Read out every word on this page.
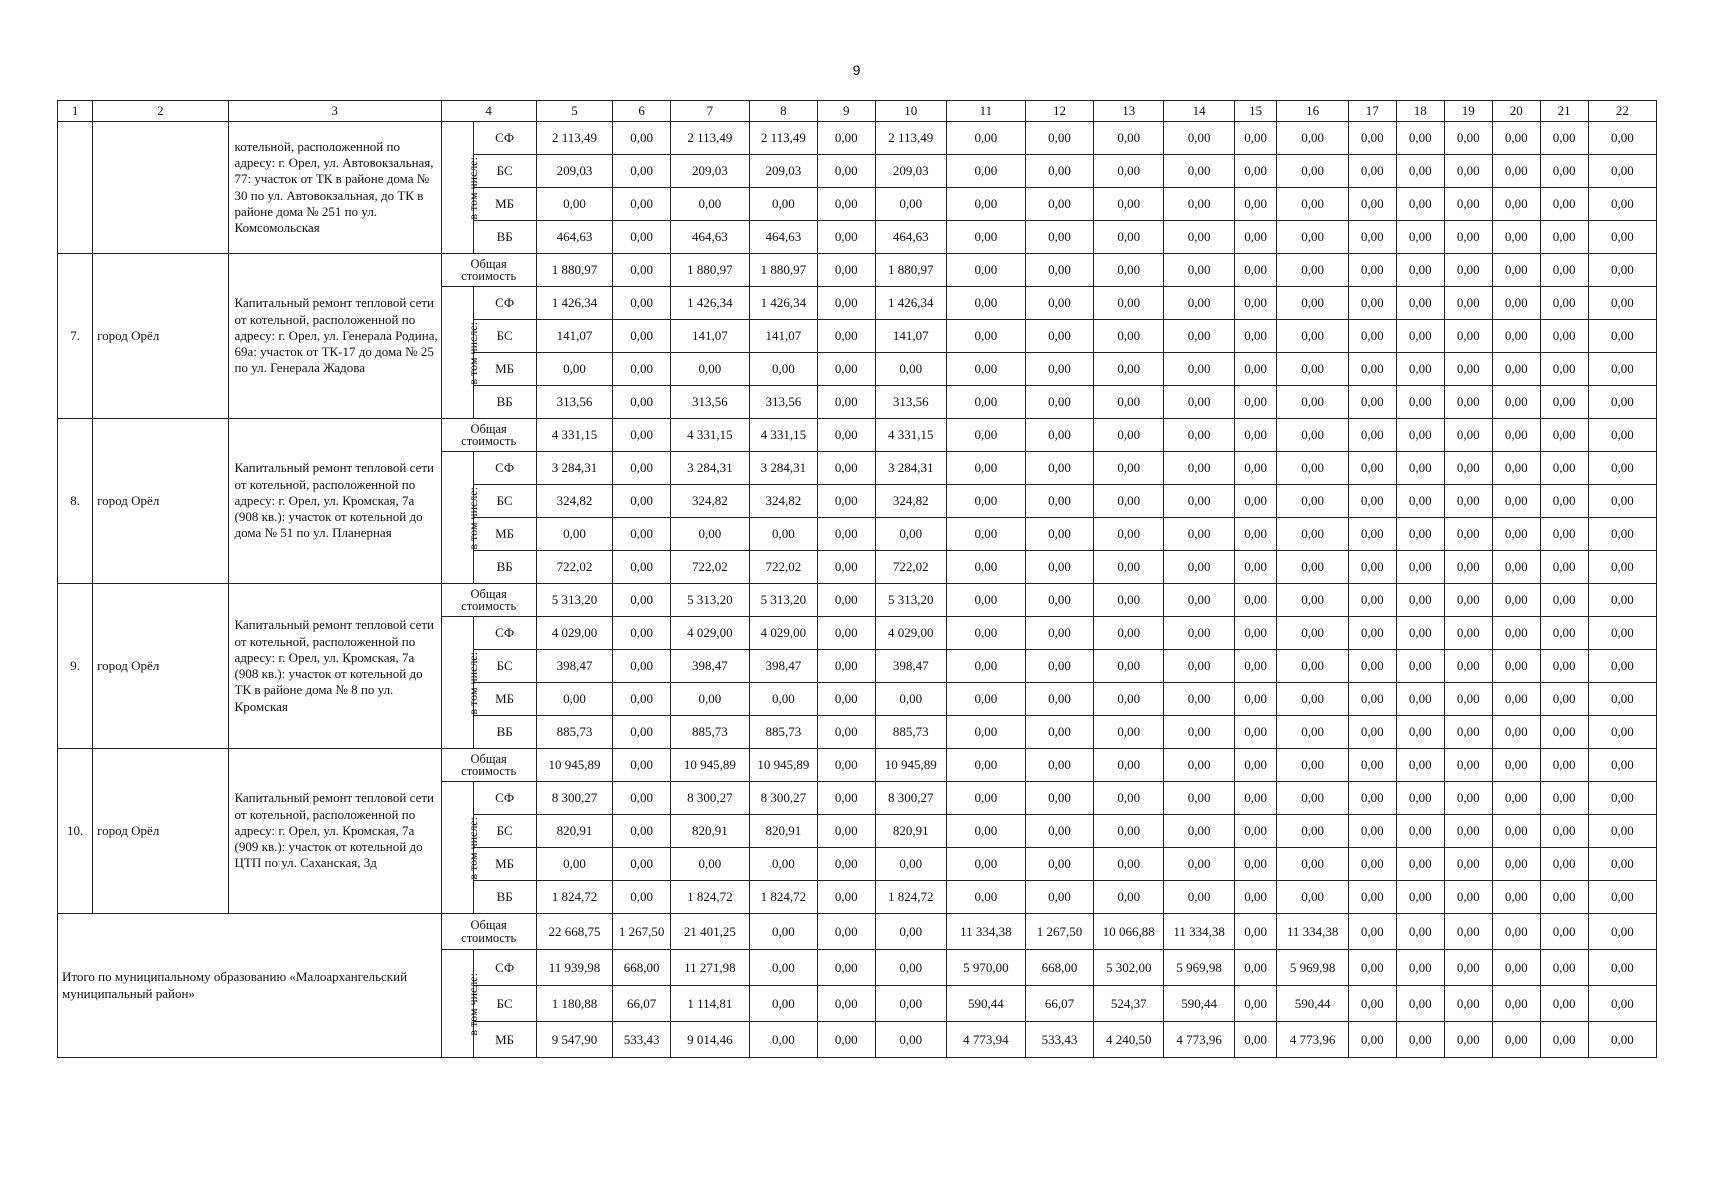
9
1	2	3	4		5	6	7	8	9	10	11	12	13	14	15	16	17	18	19	20	21	22
		котельной, расположенной по адресу: г. Орел, ул. Автовокзальная, 77: участок от ТК в районе дома № 30 по ул. Автовокзальная, до ТК в районе дома № 251 по ул. Комсомольская	в том числе:	СФ	2 113,49	0,00	2 113,49	2 113,49	0,00	2 113,49	0,00	0,00	0,00	0,00	0,00	0,00	0,00	0,00	0,00	0,00	0,00	0,00
				БС	209,03	0,00	209,03	209,03	0,00	209,03	0,00	0,00	0,00	0,00	0,00	0,00	0,00	0,00	0,00	0,00	0,00	0,00
				МБ	0,00	0,00	0,00	0,00	0,00	0,00	0,00	0,00	0,00	0,00	0,00	0,00	0,00	0,00	0,00	0,00	0,00	0,00
				ВБ	464,63	0,00	464,63	464,63	0,00	464,63	0,00	0,00	0,00	0,00	0,00	0,00	0,00	0,00	0,00	0,00	0,00	0,00
7.	город Орёл	Капитальный ремонт тепловой сети от котельной, расположенной по адресу: г. Орел, ул. Генерала Родина, 69а: участок от ТК-17 до дома № 25 по ул. Генерала Жадова	Общая стоимость		1 880,97	0,00	1 880,97	1 880,97	0,00	1 880,97	0,00	0,00	0,00	0,00	0,00	0,00	0,00	0,00	0,00	0,00	0,00	0,00
			в том числе:	СФ	1 426,34	0,00	1 426,34	1 426,34	0,00	1 426,34	0,00	0,00	0,00	0,00	0,00	0,00	0,00	0,00	0,00	0,00	0,00	0,00
				БС	141,07	0,00	141,07	141,07	0,00	141,07	0,00	0,00	0,00	0,00	0,00	0,00	0,00	0,00	0,00	0,00	0,00	0,00
				МБ	0,00	0,00	0,00	0,00	0,00	0,00	0,00	0,00	0,00	0,00	0,00	0,00	0,00	0,00	0,00	0,00	0,00	0,00
				ВБ	313,56	0,00	313,56	313,56	0,00	313,56	0,00	0,00	0,00	0,00	0,00	0,00	0,00	0,00	0,00	0,00	0,00	0,00
8.	город Орёл	Капитальный ремонт тепловой сети от котельной, расположенной по адресу: г. Орел, ул. Кромская, 7а (908 кв.): участок от котельной до дома № 51 по ул. Планерная	Общая стоимость		4 331,15	0,00	4 331,15	4 331,15	0,00	4 331,15	0,00	0,00	0,00	0,00	0,00	0,00	0,00	0,00	0,00	0,00	0,00	0,00
			в том числе:	СФ	3 284,31	0,00	3 284,31	3 284,31	0,00	3 284,31	0,00	0,00	0,00	0,00	0,00	0,00	0,00	0,00	0,00	0,00	0,00	0,00
				БС	324,82	0,00	324,82	324,82	0,00	324,82	0,00	0,00	0,00	0,00	0,00	0,00	0,00	0,00	0,00	0,00	0,00	0,00
				МБ	0,00	0,00	0,00	0,00	0,00	0,00	0,00	0,00	0,00	0,00	0,00	0,00	0,00	0,00	0,00	0,00	0,00	0,00
				ВБ	722,02	0,00	722,02	722,02	0,00	722,02	0,00	0,00	0,00	0,00	0,00	0,00	0,00	0,00	0,00	0,00	0,00	0,00
9.	город Орёл	Капитальный ремонт тепловой сети от котельной, расположенной по адресу: г. Орел, ул. Кромская, 7а (908 кв.): участок от котельной до ТК в районе дома № 8 по ул. Кромская	Общая стоимость		5 313,20	0,00	5 313,20	5 313,20	0,00	5 313,20	0,00	0,00	0,00	0,00	0,00	0,00	0,00	0,00	0,00	0,00	0,00	0,00
			в том числе:	СФ	4 029,00	0,00	4 029,00	4 029,00	0,00	4 029,00	0,00	0,00	0,00	0,00	0,00	0,00	0,00	0,00	0,00	0,00	0,00	0,00
				БС	398,47	0,00	398,47	398,47	0,00	398,47	0,00	0,00	0,00	0,00	0,00	0,00	0,00	0,00	0,00	0,00	0,00	0,00
				МБ	0,00	0,00	0,00	0,00	0,00	0,00	0,00	0,00	0,00	0,00	0,00	0,00	0,00	0,00	0,00	0,00	0,00	0,00
				ВБ	885,73	0,00	885,73	885,73	0,00	885,73	0,00	0,00	0,00	0,00	0,00	0,00	0,00	0,00	0,00	0,00	0,00	0,00
10.	город Орёл	Капитальный ремонт тепловой сети от котельной, расположенной по адресу: г. Орел, ул. Кромская, 7а (909 кв.): участок от котельной до ЦТП по ул. Саханская, 3д	Общая стоимость		10 945,89	0,00	10 945,89	10 945,89	0,00	10 945,89	0,00	0,00	0,00	0,00	0,00	0,00	0,00	0,00	0,00	0,00	0,00	0,00
			в том числе:	СФ	8 300,27	0,00	8 300,27	8 300,27	0,00	8 300,27	0,00	0,00	0,00	0,00	0,00	0,00	0,00	0,00	0,00	0,00	0,00	0,00
				БС	820,91	0,00	820,91	820,91	0,00	820,91	0,00	0,00	0,00	0,00	0,00	0,00	0,00	0,00	0,00	0,00	0,00	0,00
				МБ	0,00	0,00	0,00	0,00	0,00	0,00	0,00	0,00	0,00	0,00	0,00	0,00	0,00	0,00	0,00	0,00	0,00	0,00
				ВБ	1 824,72	0,00	1 824,72	1 824,72	0,00	1 824,72	0,00	0,00	0,00	0,00	0,00	0,00	0,00	0,00	0,00	0,00	0,00	0,00
Итого по муниципальному образованию «Малоархангельский муниципальный район»			Общая стоимость		22 668,75	1 267,50	21 401,25	0,00	0,00	0,00	11 334,38	1 267,50	10 066,88	11 334,38	0,00	11 334,38	0,00	0,00	0,00	0,00	0,00	0,00
			в том числе:	СФ	11 939,98	668,00	11 271,98	0,00	0,00	0,00	5 970,00	668,00	5 302,00	5 969,98	0,00	5 969,98	0,00	0,00	0,00	0,00	0,00	0,00
				БС	1 180,88	66,07	1 114,81	0,00	0,00	0,00	590,44	66,07	524,37	590,44	0,00	590,44	0,00	0,00	0,00	0,00	0,00	0,00
				МБ	9 547,90	533,43	9 014,46	0,00	0,00	0,00	4 773,94	533,43	4 240,50	4 773,96	0,00	4 773,96	0,00	0,00	0,00	0,00	0,00	0,00
